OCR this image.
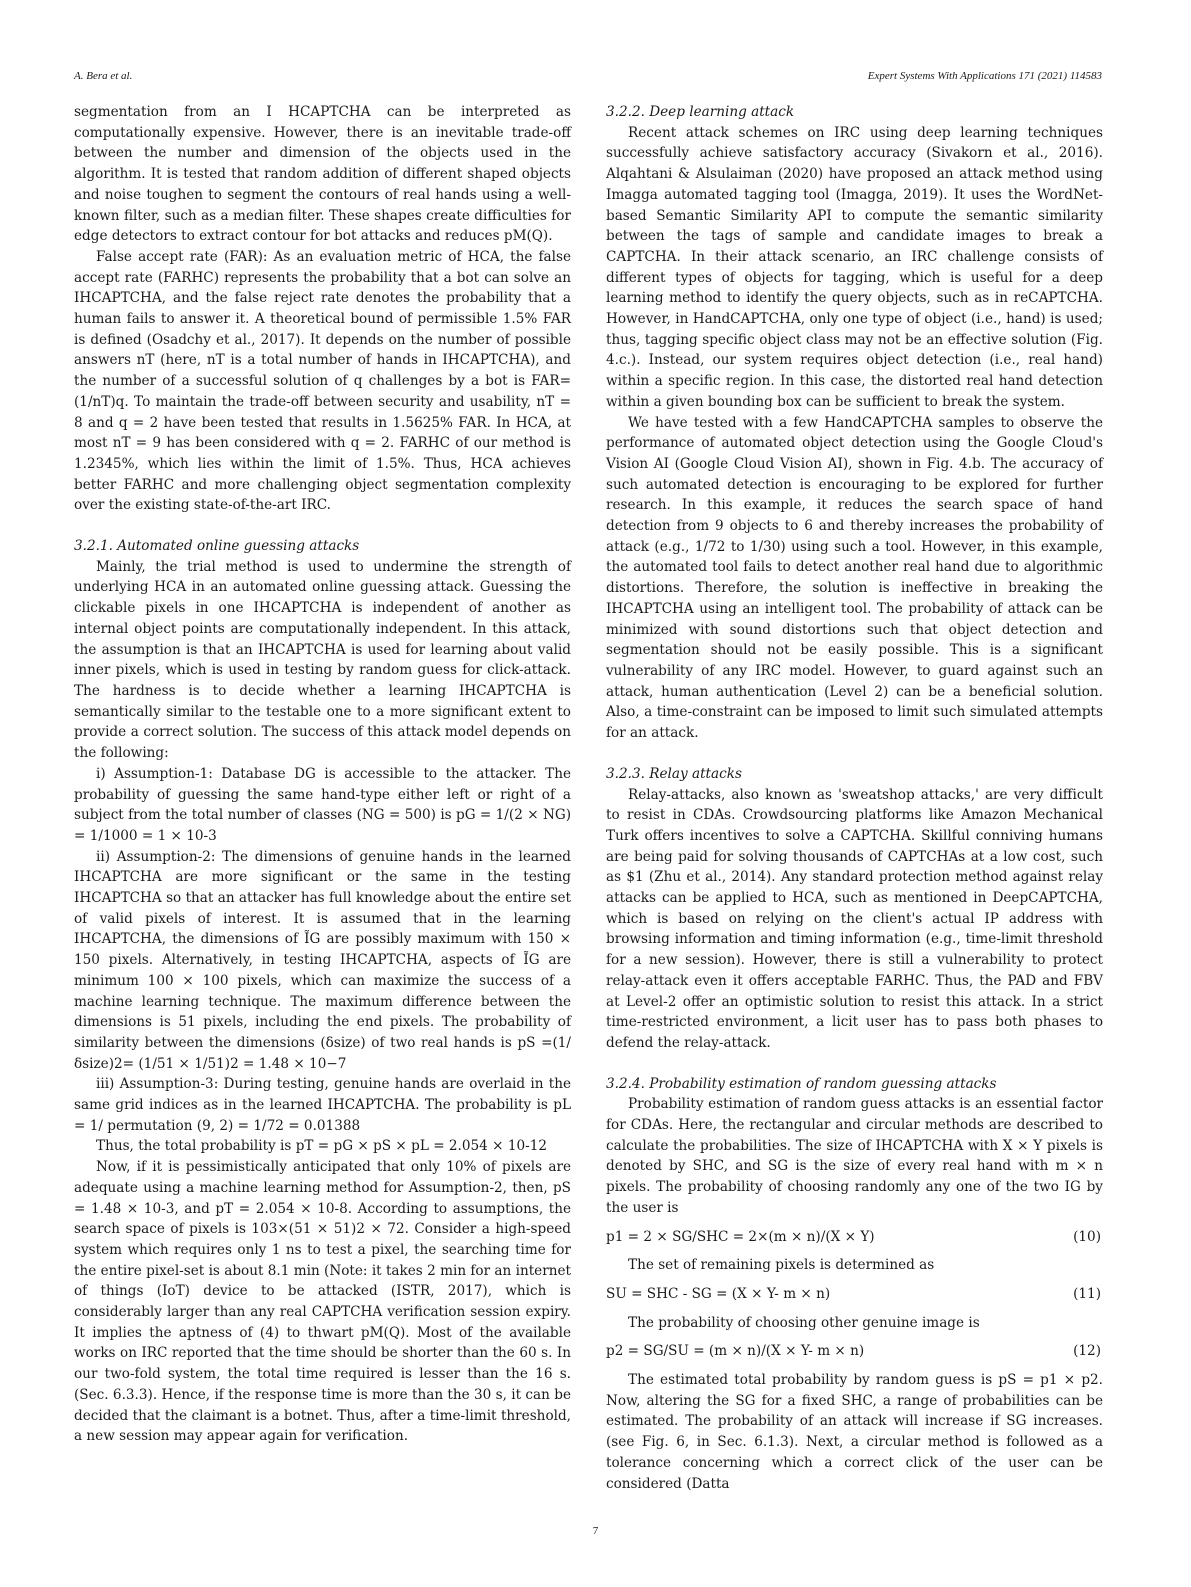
A. Bera et al.	Expert Systems With Applications 171 (2021) 114583

segmentation from an I HCAPTCHA can be interpreted as computationally expensive. However, there is an inevitable trade-off between the number and dimension of the objects used in the algorithm. It is tested that random addition of different shaped objects and noise toughen to segment the contours of real hands using a well-known filter, such as a median filter. These shapes create difficulties for edge detectors to extract contour for bot attacks and reduces pM(Q).

False accept rate (FAR): As an evaluation metric of HCA, the false accept rate (FARHC) represents the probability that a bot can solve an IHCAPTCHA, and the false reject rate denotes the probability that a human fails to answer it. A theoretical bound of permissible 1.5% FAR is defined (Osadchy et al., 2017). It depends on the number of possible answers nT (here, nT is a total number of hands in IHCAPTCHA), and the number of a successful solution of q challenges by a bot is FAR= (1/nT)q. To maintain the trade-off between security and usability, nT = 8 and q = 2 have been tested that results in 1.5625% FAR. In HCA, at most nT = 9 has been considered with q = 2. FARHC of our method is 1.2345%, which lies within the limit of 1.5%. Thus, HCA achieves better FARHC and more challenging object segmentation complexity over the existing state-of-the-art IRC.

3.2.1. Automated online guessing attacks

Mainly, the trial method is used to undermine the strength of underlying HCA in an automated online guessing attack. Guessing the clickable pixels in one IHCAPTCHA is independent of another as internal object points are computationally independent. In this attack, the assumption is that an IHCAPTCHA is used for learning about valid inner pixels, which is used in testing by random guess for click-attack. The hardness is to decide whether a learning IHCAPTCHA is semantically similar to the testable one to a more significant extent to provide a correct solution. The success of this attack model depends on the following:

i) Assumption-1: Database DG is accessible to the attacker. The probability of guessing the same hand-type either left or right of a subject from the total number of classes (NG = 500) is pG = 1/(2 × NG) = 1/1000 = 1 × 10-3

ii) Assumption-2: The dimensions of genuine hands in the learned IHCAPTCHA are more significant or the same in the testing IHCAPTCHA so that an attacker has full knowledge about the entire set of valid pixels of interest. It is assumed that in the learning IHCAPTCHA, the dimensions of ĨG are possibly maximum with 150 × 150 pixels. Alternatively, in testing IHCAPTCHA, aspects of ĨG are minimum 100 × 100 pixels, which can maximize the success of a machine learning technique. The maximum difference between the dimensions is 51 pixels, including the end pixels. The probability of similarity between the dimensions (δsize) of two real hands is pS =(1/δsize)2= (1/51 × 1/51)2 = 1.48 × 10−7

iii) Assumption-3: During testing, genuine hands are overlaid in the same grid indices as in the learned IHCAPTCHA. The probability is pL = 1/ permutation (9, 2) = 1/72 = 0.01388

Thus, the total probability is pT = pG × pS × pL = 2.054 × 10-12

Now, if it is pessimistically anticipated that only 10% of pixels are adequate using a machine learning method for Assumption-2, then, pS = 1.48 × 10-3, and pT = 2.054 × 10-8. According to assumptions, the search space of pixels is 103×(51 × 51)2 × 72. Consider a high-speed system which requires only 1 ns to test a pixel, the searching time for the entire pixel-set is about 8.1 min (Note: it takes 2 min for an internet of things (IoT) device to be attacked (ISTR, 2017), which is considerably larger than any real CAPTCHA verification session expiry. It implies the aptness of (4) to thwart pM(Q). Most of the available works on IRC reported that the time should be shorter than the 60 s. In our two-fold system, the total time required is lesser than the 16 s. (Sec. 6.3.3). Hence, if the response time is more than the 30 s, it can be decided that the claimant is a botnet. Thus, after a time-limit threshold, a new session may appear again for verification.

3.2.2. Deep learning attack

Recent attack schemes on IRC using deep learning techniques successfully achieve satisfactory accuracy (Sivakorn et al., 2016). Alqahtani & Alsulaiman (2020) have proposed an attack method using Imagga automated tagging tool (Imagga, 2019). It uses the WordNet-based Semantic Similarity API to compute the semantic similarity between the tags of sample and candidate images to break a CAPTCHA. In their attack scenario, an IRC challenge consists of different types of objects for tagging, which is useful for a deep learning method to identify the query objects, such as in reCAPTCHA. However, in HandCAPTCHA, only one type of object (i.e., hand) is used; thus, tagging specific object class may not be an effective solution (Fig. 4.c.). Instead, our system requires object detection (i.e., real hand) within a specific region. In this case, the distorted real hand detection within a given bounding box can be sufficient to break the system.

We have tested with a few HandCAPTCHA samples to observe the performance of automated object detection using the Google Cloud's Vision AI (Google Cloud Vision AI), shown in Fig. 4.b. The accuracy of such automated detection is encouraging to be explored for further research. In this example, it reduces the search space of hand detection from 9 objects to 6 and thereby increases the probability of attack (e.g., 1/72 to 1/30) using such a tool. However, in this example, the automated tool fails to detect another real hand due to algorithmic distortions. Therefore, the solution is ineffective in breaking the IHCAPTCHA using an intelligent tool. The probability of attack can be minimized with sound distortions such that object detection and segmentation should not be easily possible. This is a significant vulnerability of any IRC model. However, to guard against such an attack, human authentication (Level 2) can be a beneficial solution. Also, a time-constraint can be imposed to limit such simulated attempts for an attack.

3.2.3. Relay attacks

Relay-attacks, also known as 'sweatshop attacks,' are very difficult to resist in CDAs. Crowdsourcing platforms like Amazon Mechanical Turk offers incentives to solve a CAPTCHA. Skillful conniving humans are being paid for solving thousands of CAPTCHAs at a low cost, such as $1 (Zhu et al., 2014). Any standard protection method against relay attacks can be applied to HCA, such as mentioned in DeepCAPTCHA, which is based on relying on the client's actual IP address with browsing information and timing information (e.g., time-limit threshold for a new session). However, there is still a vulnerability to protect relay-attack even it offers acceptable FARHC. Thus, the PAD and FBV at Level-2 offer an optimistic solution to resist this attack. In a strict time-restricted environment, a licit user has to pass both phases to defend the relay-attack.

3.2.4. Probability estimation of random guessing attacks

Probability estimation of random guess attacks is an essential factor for CDAs. Here, the rectangular and circular methods are described to calculate the probabilities. The size of IHCAPTCHA with X × Y pixels is denoted by SHC, and SG is the size of every real hand with m × n pixels. The probability of choosing randomly any one of the two IG by the user is

p1 = 2 × SG/SHC = 2×(m × n)/(X × Y)	(10)

The set of remaining pixels is determined as

SU = SHC - SG = (X × Y- m × n)	(11)

The probability of choosing other genuine image is

p2 = SG/SU = (m × n)/(X × Y- m × n)	(12)

The estimated total probability by random guess is pS = p1 × p2. Now, altering the SG for a fixed SHC, a range of probabilities can be estimated. The probability of an attack will increase if SG increases. (see Fig. 6, in Sec. 6.1.3). Next, a circular method is followed as a tolerance concerning which a correct click of the user can be considered (Datta

7
